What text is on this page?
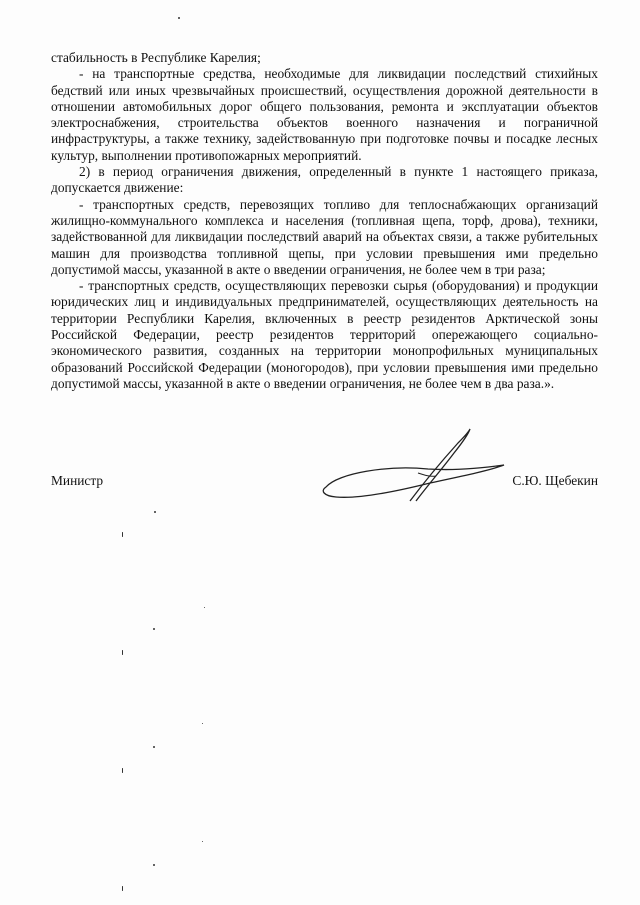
стабильность в Республике Карелия;

- на транспортные средства, необходимые для ликвидации последствий стихийных бедствий или иных чрезвычайных происшествий, осуществления дорожной деятельности в отношении автомобильных дорог общего пользования, ремонта и эксплуатации объектов электроснабжения, строительства объектов военного назначения и пограничной инфраструктуры, а также технику, задействованную при подготовке почвы и посадке лесных культур, выполнении противопожарных мероприятий.

2) в период ограничения движения, определенный в пункте 1 настоящего приказа, допускается движение:

- транспортных средств, перевозящих топливо для теплоснабжающих организаций жилищно-коммунального комплекса и населения (топливная щепа, торф, дрова), техники, задействованной для ликвидации последствий аварий на объектах связи, а также рубительных машин для производства топливной щепы, при условии превышения ими предельно допустимой массы, указанной в акте о введении ограничения, не более чем в три раза;

- транспортных средств, осуществляющих перевозки сырья (оборудования) и продукции юридических лиц и индивидуальных предпринимателей, осуществляющих деятельность на территории Республики Карелия, включенных в реестр резидентов Арктической зоны Российской Федерации, реестр резидентов территорий опережающего социально-экономического развития, созданных на территории монопрофильных муниципальных образований Российской Федерации (моногородов), при условии превышения ими предельно допустимой массы, указанной в акте о введении ограничения, не более чем в два раза.».

Министр	С.Ю. Щебекин
